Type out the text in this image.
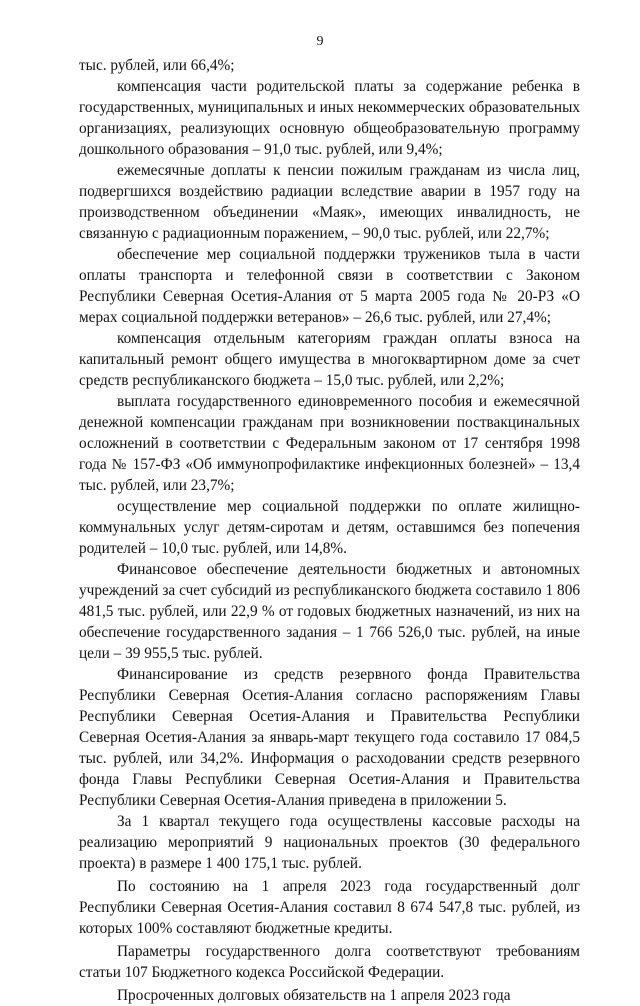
9

тыс. рублей, или 66,4%;

компенсация части родительской платы за содержание ребенка в государственных, муниципальных и иных некоммерческих образовательных организациях, реализующих основную общеобразовательную программу дошкольного образования – 91,0 тыс. рублей, или 9,4%;

ежемесячные доплаты к пенсии пожилым гражданам из числа лиц, подвергшихся воздействию радиации вследствие аварии в 1957 году на производственном объединении «Маяк», имеющих инвалидность, не связанную с радиационным поражением, – 90,0 тыс. рублей, или 22,7%;

обеспечение мер социальной поддержки тружеников тыла в части оплаты транспорта и телефонной связи в соответствии с Законом Республики Северная Осетия-Алания от 5 марта 2005 года № 20-РЗ «О мерах социальной поддержки ветеранов» – 26,6 тыс. рублей, или 27,4%;

компенсация отдельным категориям граждан оплаты взноса на капитальный ремонт общего имущества в многоквартирном доме за счет средств республиканского бюджета – 15,0 тыс. рублей, или 2,2%;

выплата государственного единовременного пособия и ежемесячной денежной компенсации гражданам при возникновении поствакцинальных осложнений в соответствии с Федеральным законом от 17 сентября 1998 года № 157-ФЗ «Об иммунопрофилактике инфекционных болезней» – 13,4 тыс. рублей, или 23,7%;

осуществление мер социальной поддержки по оплате жилищно-коммунальных услуг детям-сиротам и детям, оставшимся без попечения родителей – 10,0 тыс. рублей, или 14,8%.

Финансовое обеспечение деятельности бюджетных и автономных учреждений за счет субсидий из республиканского бюджета составило 1 806 481,5 тыс. рублей, или 22,9 % от годовых бюджетных назначений, из них на обеспечение государственного задания – 1 766 526,0 тыс. рублей, на иные цели – 39 955,5 тыс. рублей.

Финансирование из средств резервного фонда Правительства Республики Северная Осетия-Алания согласно распоряжениям Главы Республики Северная Осетия-Алания и Правительства Республики Северная Осетия-Алания за январь-март текущего года составило 17 084,5 тыс. рублей, или 34,2%. Информация о расходовании средств резервного фонда Главы Республики Северная Осетия-Алания и Правительства Республики Северная Осетия-Алания приведена в приложении 5.

За 1 квартал текущего года осуществлены кассовые расходы на реализацию мероприятий 9 национальных проектов (30 федерального проекта) в размере 1 400 175,1 тыс. рублей.

По состоянию на 1 апреля 2023 года государственный долг Республики Северная Осетия-Алания составил 8 674 547,8 тыс. рублей, из которых 100% составляют бюджетные кредиты.

Параметры государственного долга соответствуют требованиям статьи 107 Бюджетного кодекса Российской Федерации.

Просроченных долговых обязательств на 1 апреля 2023 года
